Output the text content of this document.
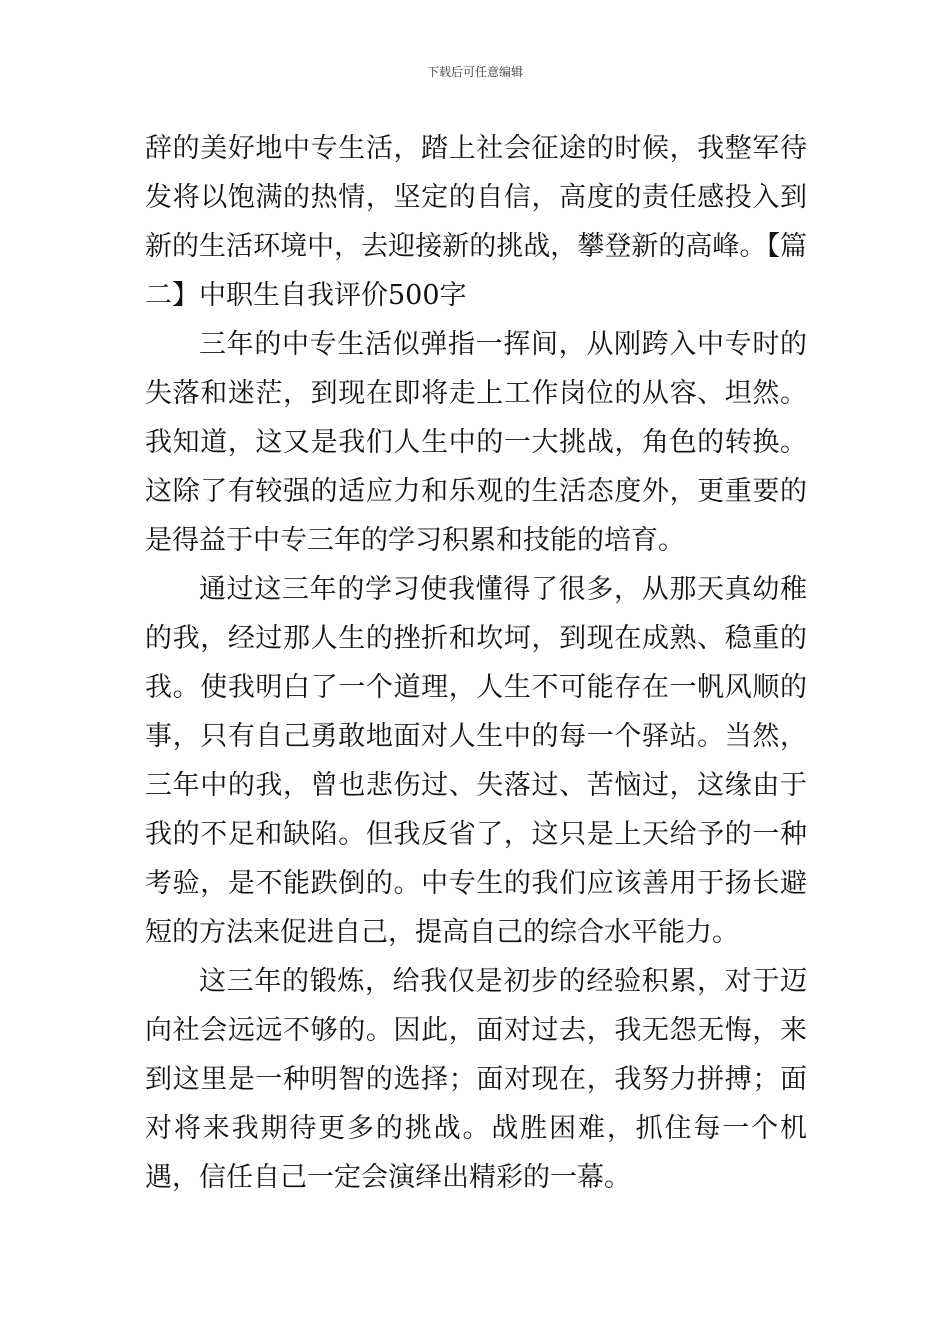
下载后可任意编辑

辞的美好地中专生活，踏上社会征途的时候，我整军待发将以饱满的热情，坚定的自信，高度的责任感投入到新的生活环境中，去迎接新的挑战，攀登新的高峰。【篇二】中职生自我评价500字

三年的中专生活似弹指一挥间，从刚跨入中专时的失落和迷茫，到现在即将走上工作岗位的从容、坦然。我知道，这又是我们人生中的一大挑战，角色的转换。这除了有较强的适应力和乐观的生活态度外，更重要的是得益于中专三年的学习积累和技能的培育。

通过这三年的学习使我懂得了很多，从那天真幼稚的我，经过那人生的挫折和坎坷，到现在成熟、稳重的我。使我明白了一个道理，人生不可能存在一帆风顺的事，只有自己勇敢地面对人生中的每一个驿站。当然，三年中的我，曾也悲伤过、失落过、苦恼过，这缘由于我的不足和缺陷。但我反省了，这只是上天给予的一种考验，是不能跌倒的。中专生的我们应该善用于扬长避短的方法来促进自己，提高自己的综合水平能力。

这三年的锻炼，给我仅是初步的经验积累，对于迈向社会远远不够的。因此，面对过去，我无怨无悔，来到这里是一种明智的选择；面对现在，我努力拼搏；面对将来我期待更多的挑战。战胜困难，抓住每一个机遇，信任自己一定会演绎出精彩的一幕。
